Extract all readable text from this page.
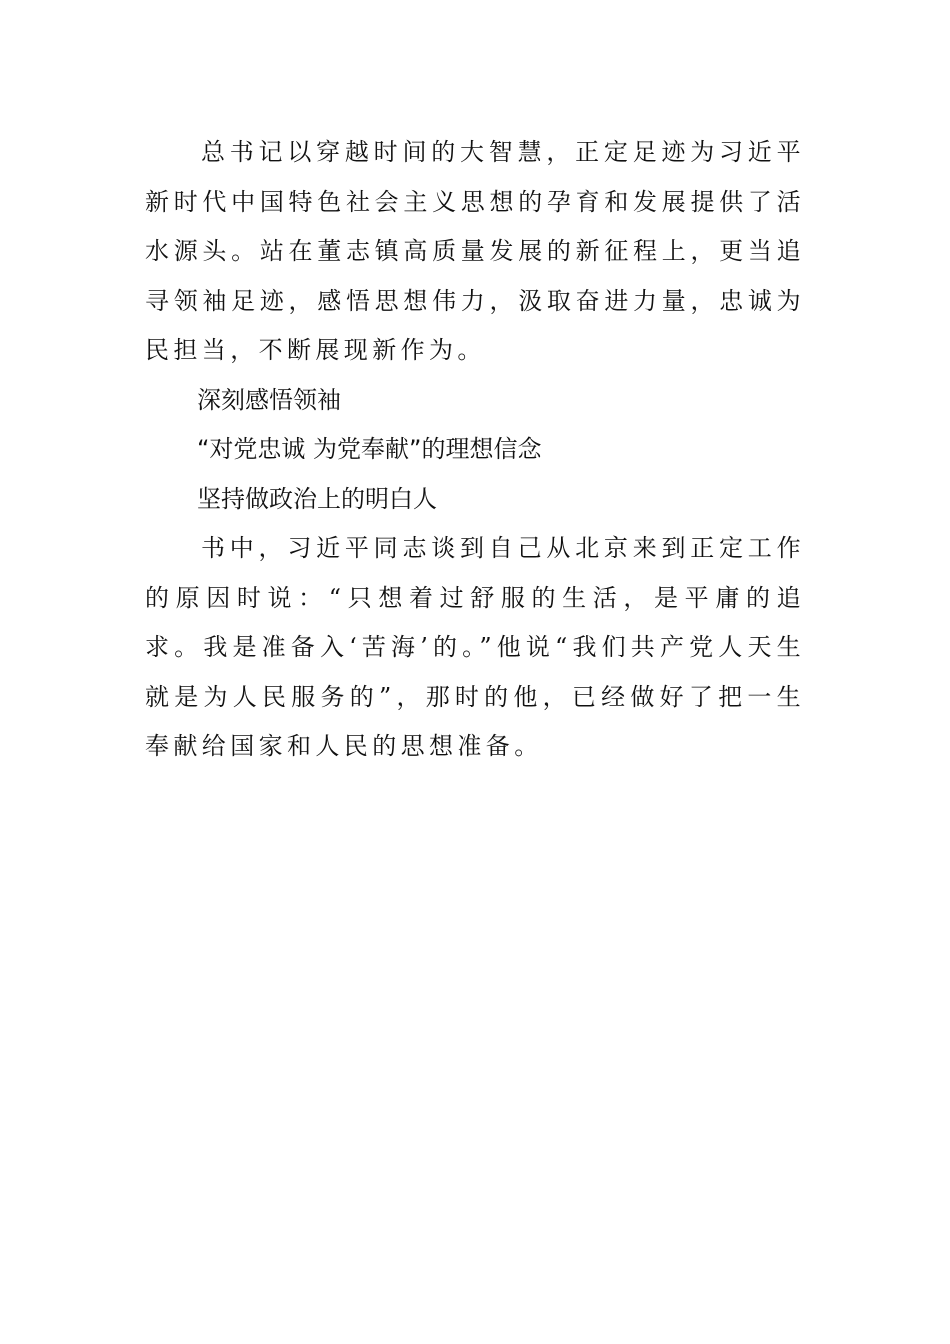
总书记以穿越时间的大智慧，正定足迹为习近平新时代中国特色社会主义思想的孕育和发展提供了活水源头。站在董志镇高质量发展的新征程上，更当追寻领袖足迹，感悟思想伟力，汲取奋进力量，忠诚为民担当，不断展现新作为。

深刻感悟领袖

“对党忠诚 为党奉献”的理想信念

坚持做政治上的明白人

书中，习近平同志谈到自己从北京来到正定工作的原因时说：“只想着过舒服的生活，是平庸的追求。我是准备入‘苦海’的。”他说“我们共产党人天生就是为人民服务的”，那时的他，已经做好了把一生奉献给国家和人民的思想准备。
